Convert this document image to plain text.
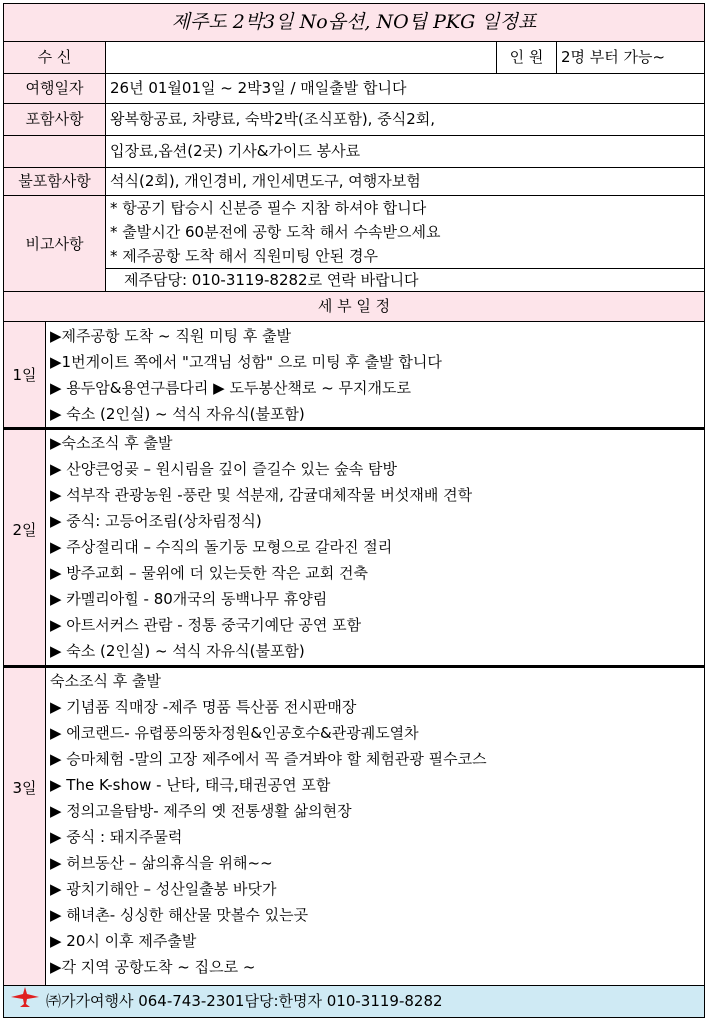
제주도 2박3일 No옵션, NO팁 PKG 일정표
수 신	인 원	2명 부터 가능~
여행일자	26년 01월01일 ~ 2박3일 / 매일출발 합니다
포함사항	왕복항공료, 차량료, 숙박2박(조식포함), 중식2회,
입장료,옵션(2곳) 기사&가이드 봉사료
불포함사항	석식(2회), 개인경비, 개인세면도구, 여행자보험
비고사항
* 항공기 탑승시 신분증 필수 지참 하셔야 합니다
* 출발시간 60분전에 공항 도착 해서 수속받으세요
* 제주공항 도착 해서 직원미팅 안된 경우
제주담당: 010-3119-8282로 연락 바랍니다
세 부 일 정
1일
▶제주공항 도착 ~ 직원 미팅 후 출발
▶1번게이트 쪽에서 "고객님 성함" 으로 미팅 후 출발 합니다
▶ 용두암&용연구름다리 ▶ 도두봉산책로 ~ 무지개도로
▶ 숙소 (2인실) ~ 석식 자유식(불포함)
2일
▶숙소조식 후 출발
▶ 산양큰엉곶 – 원시림을 깊이 즐길수 있는 숲속 탐방
▶ 석부작 관광농원 -풍란 및 석분재, 감귤대체작물 버섯재배 견학
▶ 중식: 고등어조림(상차림정식)
▶ 주상절리대 – 수직의 돌기둥 모형으로 갈라진 절리
▶ 방주교회 – 물위에 더 있는듯한 작은 교회 건축
▶ 카멜리아힐 - 80개국의 동백나무 휴양림
▶ 아트서커스 관람 - 정통 중국기예단 공연 포함
▶ 숙소 (2인실) ~ 석식 자유식(불포함)
3일
숙소조식 후 출발
▶ 기념품 직매장 -제주 명품 특산품 전시판매장
▶ 에코랜드- 유렵풍의뚱차정원&인공호수&관광궤도열차
▶ 승마체험 -말의 고장 제주에서 꼭 즐겨봐야 할 체험관광 필수코스
▶ The K-show - 난타, 태극,태권공연 포함
▶ 정의고을탐방- 제주의 옛 전통생활 삶의현장
▶ 중식 : 돼지주물럭
▶ 허브동산 – 삶의휴식을 위해~~
▶ 광치기해안 – 성산일출봉 바닷가
▶ 해녀촌- 싱싱한 해산물 맛볼수 있는곳
▶ 20시 이후 제주출발
▶각 지역 공항도착 ~ 집으로 ~
㈜가가여행사 064-743-2301담당:한명자 010-3119-8282
